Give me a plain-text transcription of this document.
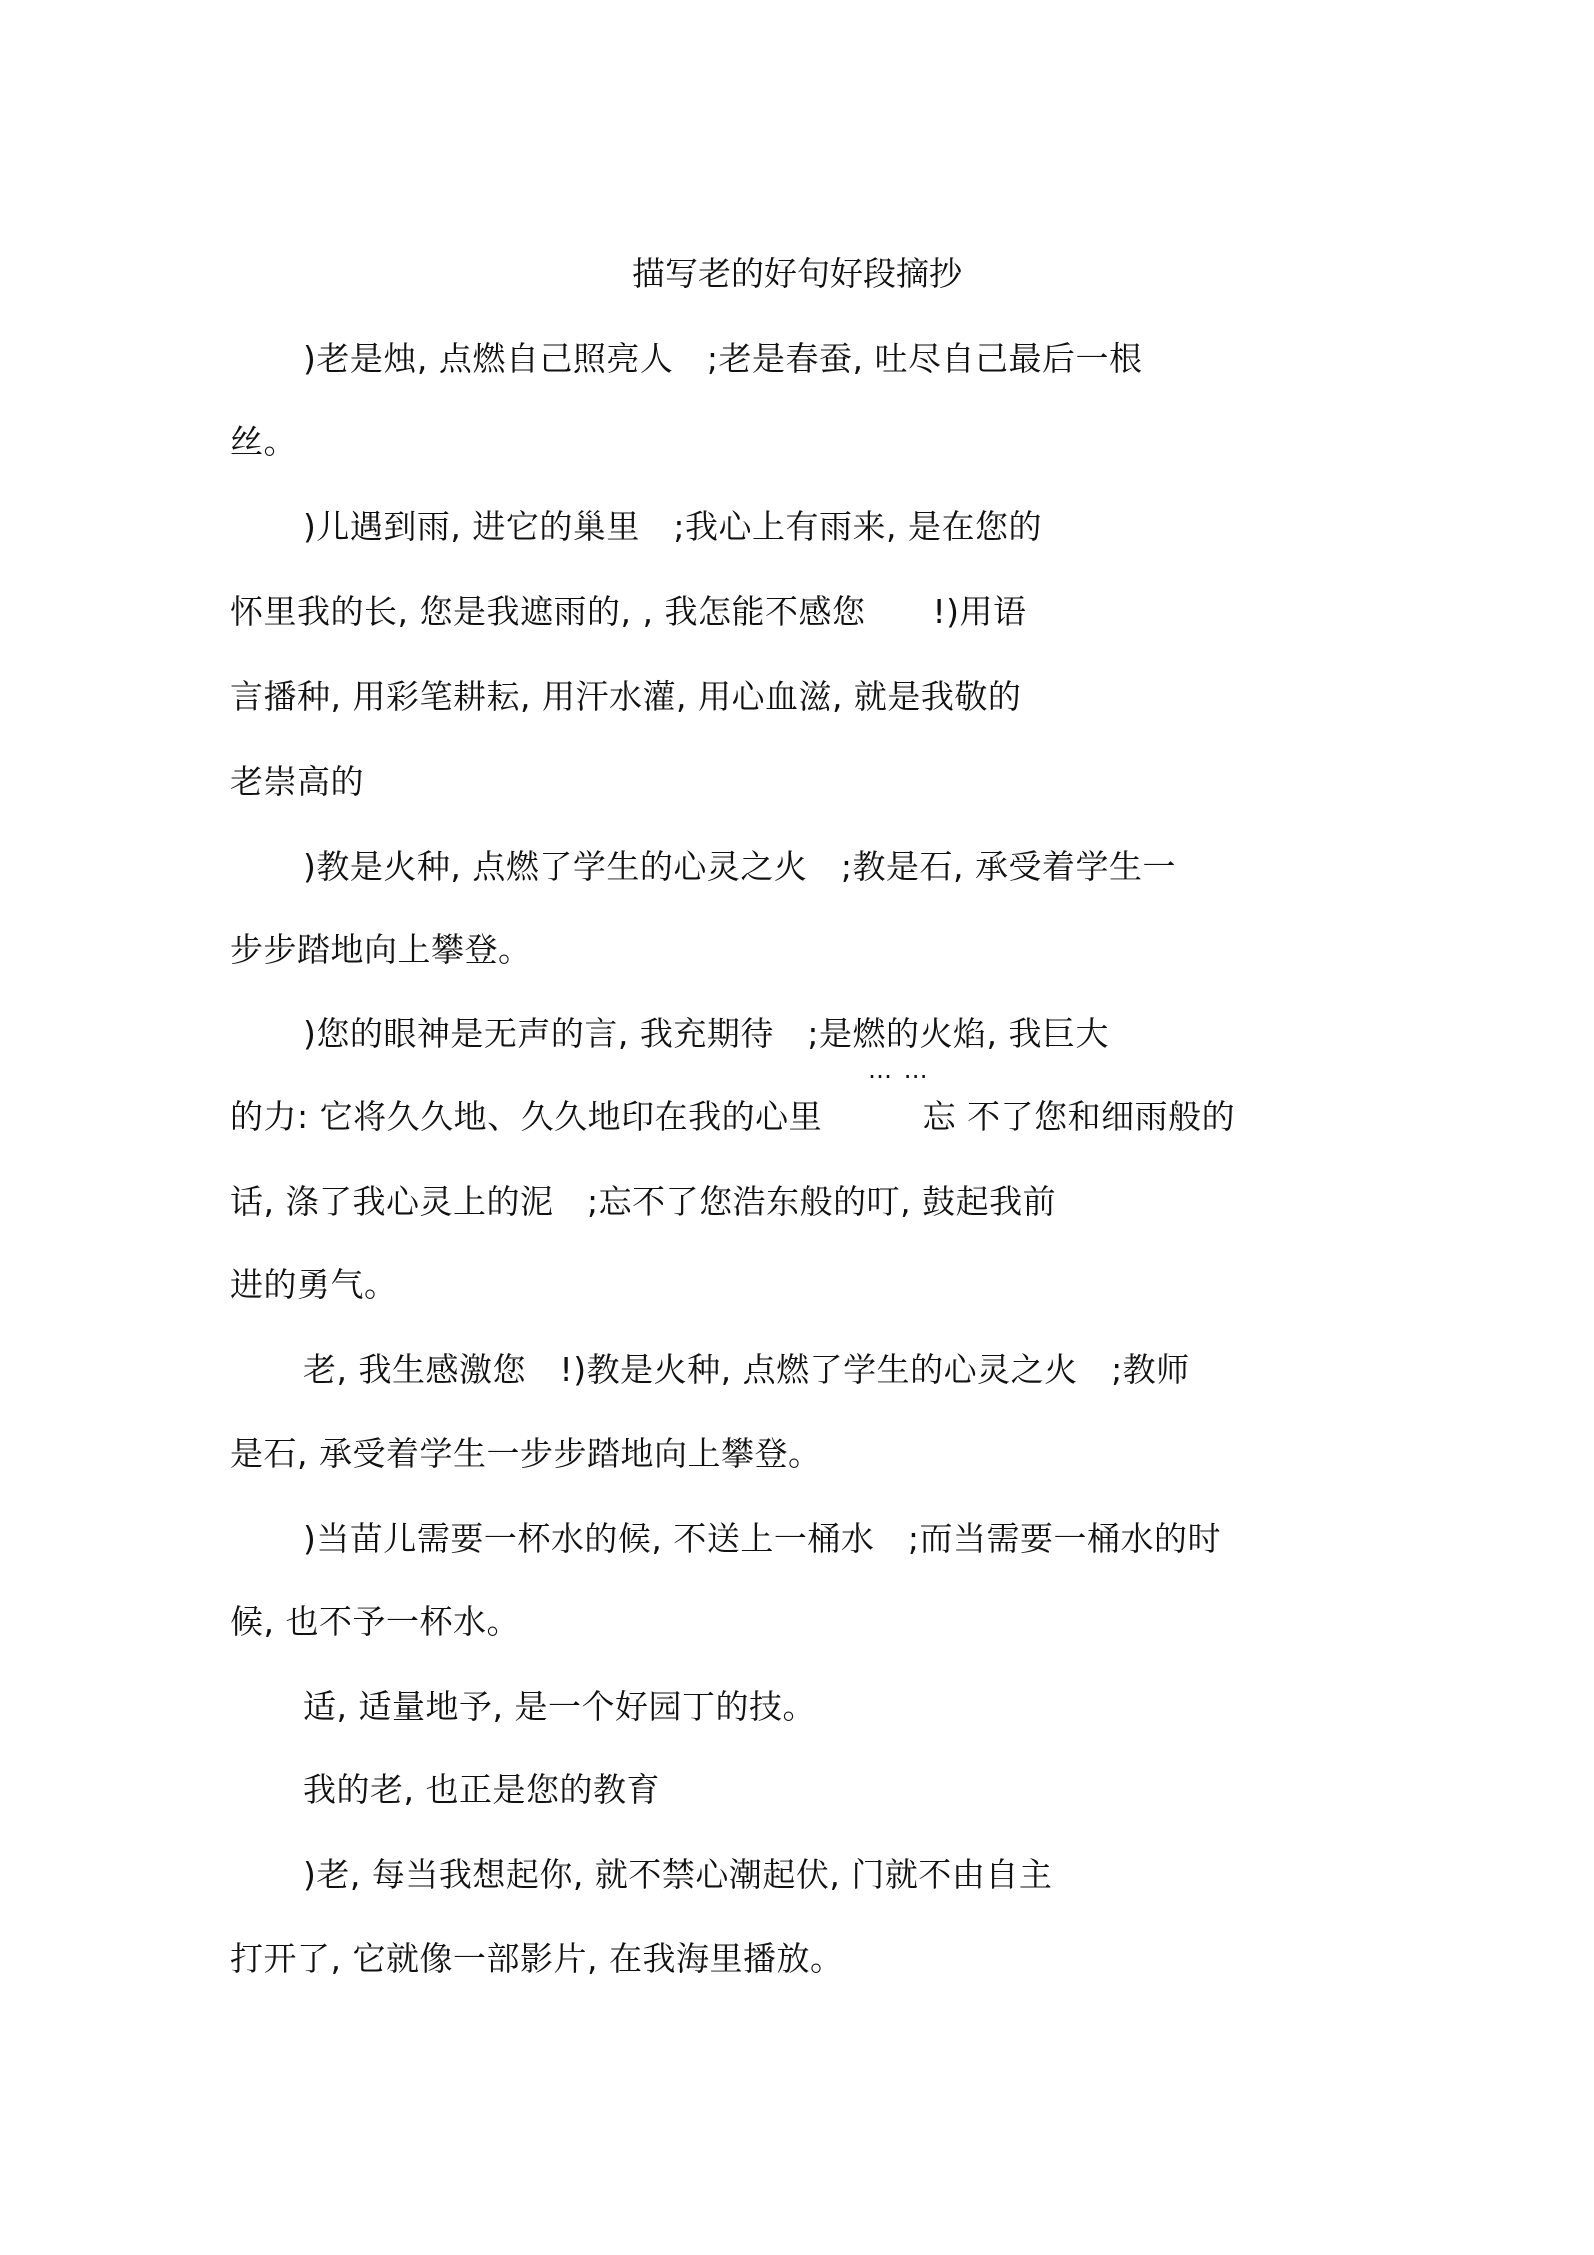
描写老的好句好段摘抄
)老是烛, 点燃自己照亮人　;老是春蚕, 吐尽自己最后一根
丝。
)儿遇到雨, 进它的巢里　;我心上有雨来, 是在您的
怀里我的长, 您是我遮雨的, , 我怎能不感您　　!)用语
言播种, 用彩笔耕耘, 用汗水灌, 用心血滋, 就是我敬的
老崇高的
)教是火种, 点燃了学生的心灵之火　;教是石, 承受着学生一
步步踏地向上攀登。
)您的眼神是无声的言, 我充期待　;是燃的火焰, 我巨大
… …
的力: 它将久久地、久久地印在我的心里　　　忘 不了您和细雨般的
话, 涤了我心灵上的泥　;忘不了您浩东般的叮, 鼓起我前
进的勇气。
老, 我生感激您　!)教是火种, 点燃了学生的心灵之火　;教师
是石, 承受着学生一步步踏地向上攀登。
)当苗儿需要一杯水的候, 不送上一桶水　;而当需要一桶水的时
候, 也不予一杯水。
适, 适量地予, 是一个好园丁的技。
我的老, 也正是您的教育
)老, 每当我想起你, 就不禁心潮起伏, 门就不由自主
打开了, 它就像一部影片, 在我海里播放。
